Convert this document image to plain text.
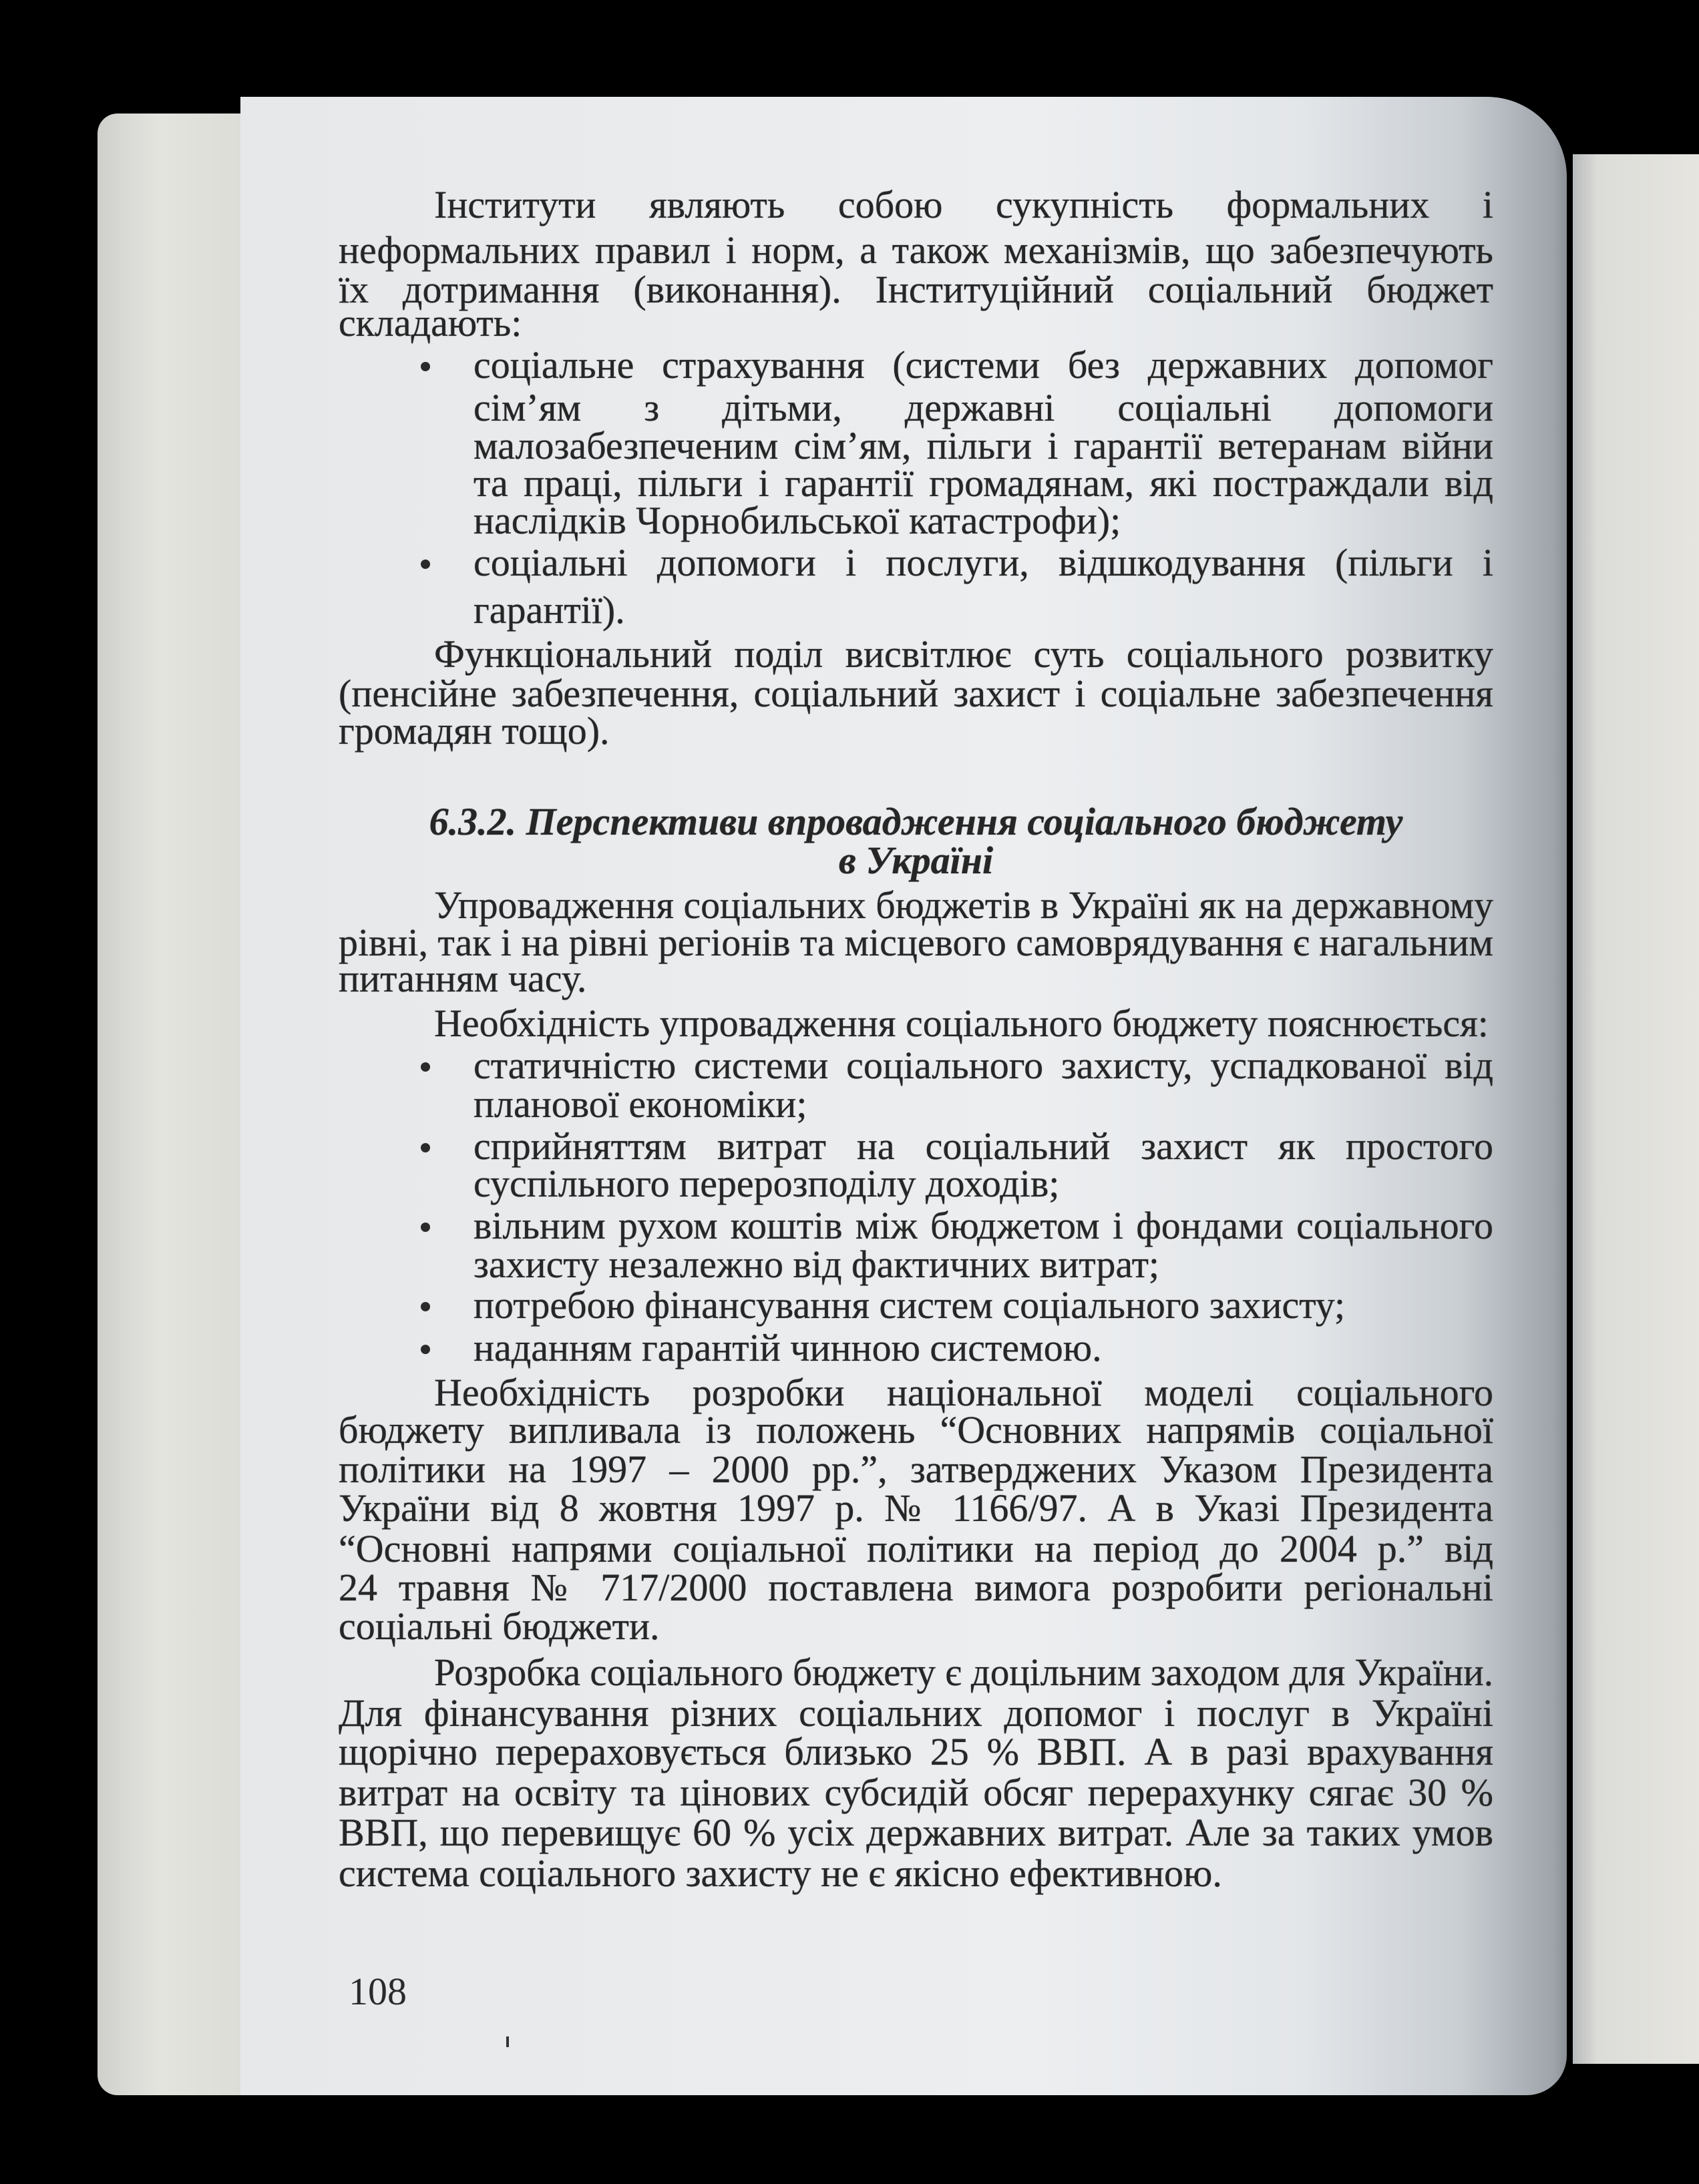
Інститути являють собою сукупність формальних і
неформальних правил і норм, а також механізмів, що забезпечують
їх дотримання (виконання). Інституційний соціальний бюджет
складають:
соціальне страхування (системи без державних допомог
сім’ям з дітьми, державні соціальні допомоги
малозабезпеченим сім’ям, пільги і гарантії ветеранам війни
та праці, пільги і гарантії громадянам, які постраждали від
наслідків Чорнобильської катастрофи);
соціальні допомоги і послуги, відшкодування (пільги і
гарантії).
Функціональний поділ висвітлює суть соціального розвитку
(пенсійне забезпечення, соціальний захист і соціальне забезпечення
громадян тощо).
6.3.2. Перспективи впровадження соціального бюджету
в Україні
Упровадження соціальних бюджетів в Україні як на державному
рівні, так і на рівні регіонів та місцевого самоврядування є нагальним
питанням часу.
Необхідність упровадження соціального бюджету пояснюється:
статичністю системи соціального захисту, успадкованої від
планової економіки;
сприйняттям витрат на соціальний захист як простого
суспільного перерозподілу доходів;
вільним рухом коштів між бюджетом і фондами соціального
захисту незалежно від фактичних витрат;
потребою фінансування систем соціального захисту;
наданням гарантій чинною системою.
Необхідність розробки національної моделі соціального
бюджету випливала із положень “Основних напрямів соціальної
політики на 1997 – 2000 рр.”, затверджених Указом Президента
України від 8 жовтня 1997 р. № 1166/97. А в Указі Президента
“Основні напрями соціальної політики на період до 2004 р.” від
24 травня № 717/2000 поставлена вимога розробити регіональні
соціальні бюджети.
Розробка соціального бюджету є доцільним заходом для України.
Для фінансування різних соціальних допомог і послуг в Україні
щорічно перераховується близько 25 % ВВП. А в разі врахування
витрат на освіту та цінових субсидій обсяг перерахунку сягає 30 %
ВВП, що перевищує 60 % усіх державних витрат. Але за таких умов
система соціального захисту не є якісно ефективною.
108
